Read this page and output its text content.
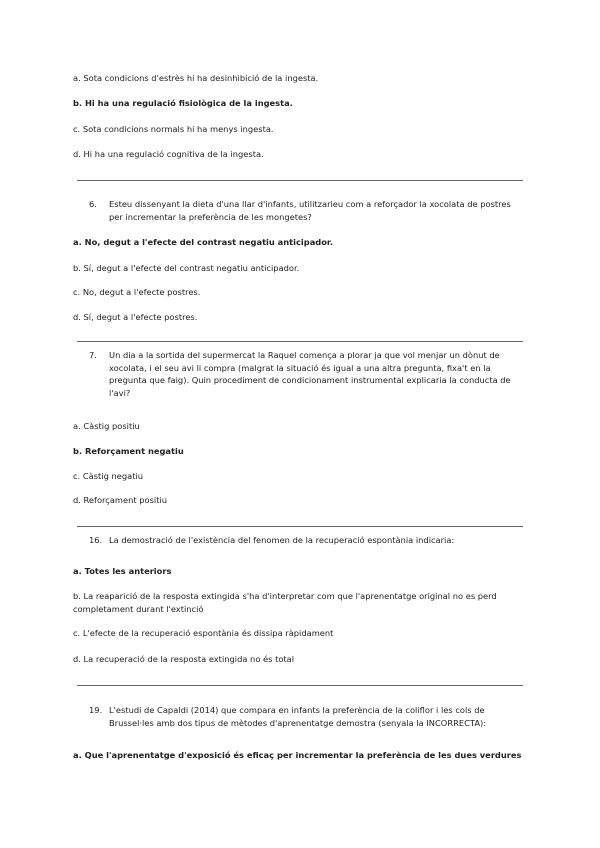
a. Sota condicions d'estrès hi ha desinhibició de la ingesta.
b. Hi ha una regulació fisiològica de la ingesta.
c. Sota condicions normals hi ha menys ingesta.
d. Hi ha una regulació cognitiva de la ingesta.
6. Esteu dissenyant la dieta d'una llar d'infants, utilitzarieu com a reforçador la xocolata de postres per incrementar la preferència de les mongetes?
a. No, degut a l'efecte del contrast negatiu anticipador.
b. Sí, degut a l'efecte del contrast negatiu anticipador.
c. No, degut a l'efecte postres.
d. Sí, degut a l'efecte postres.
7. Un dia a la sortida del supermercat la Raquel comença a plorar ja que vol menjar un dònut de xocolata, i el seu avi li compra (malgrat la situació és igual a una altra pregunta, fixa't en la pregunta que faig). Quin procediment de condicionament instrumental explicaria la conducta de l'avi?
a. Càstig positiu
b. Reforçament negatiu
c. Càstig negatiu
d. Reforçament positiu
16. La demostració de l'existència del fenomen de la recuperació espontània indicaria:
a. Totes les anteriors
b. La reaparició de la resposta extingida s'ha d'interpretar com que l'aprenentatge original no es perd completament durant l'extinció
c. L'efecte de la recuperació espontània és dissipa ràpidament
d. La recuperació de la resposta extingida no és total
19. L'estudi de Capaldi (2014) que compara en infants la preferència de la coliflor i les cols de Brussel·les amb dos tipus de mètodes d'aprenentatge demostra (senyala la INCORRECTA):
a. Que l'aprenentatge d'exposició és eficaç per incrementar la preferència de les dues verdures
